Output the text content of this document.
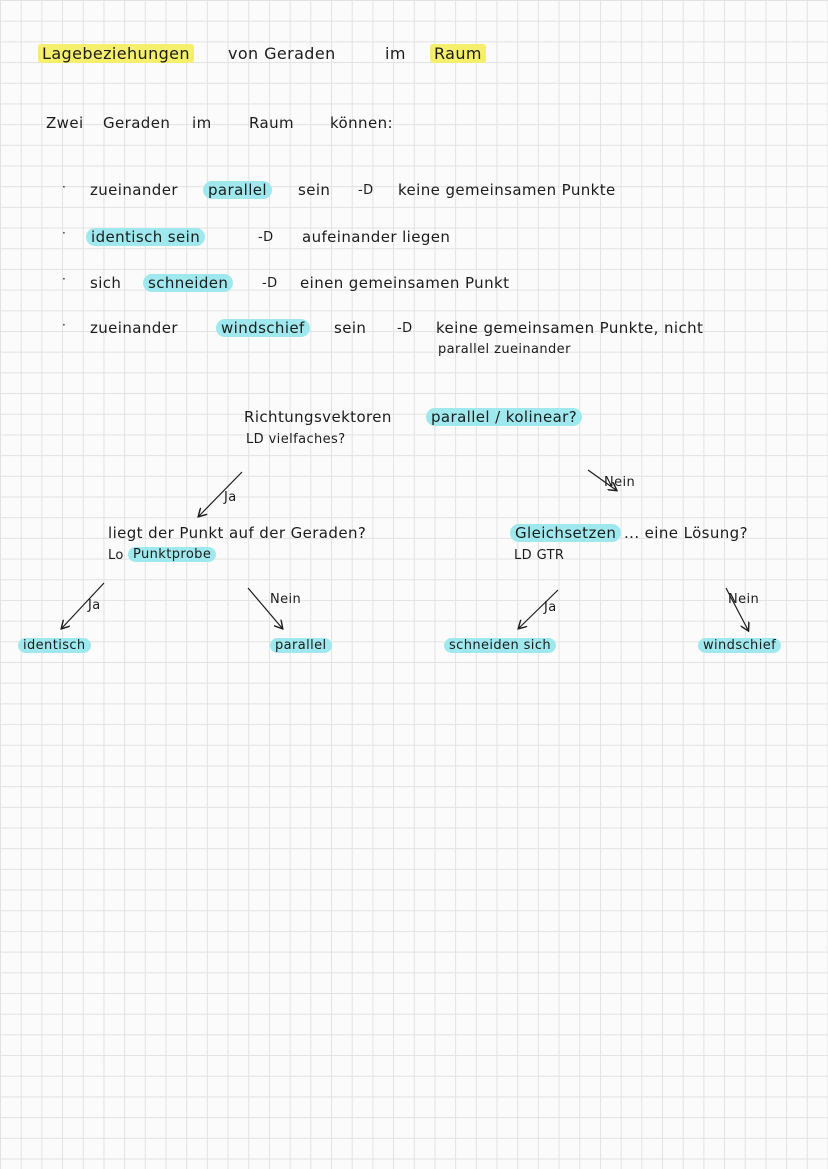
Lagebeziehungen von Geraden	im Raum
Zwei Geraden im Raum können:
·
·
·
·
zueinander	parallel	sein -D keine gemeinsamen Punkte
identisch sein	-D aufeinander liegen
sich	schneiden	-D einen gemeinsamen Punkt
zueinander	windschief	sein -D keine gemeinsamen Punkte, nicht
parallel zueinander
Richtungsvektoren	parallel / kolinear?
LD vielfaches?
Ja
Nein
Ja	Nein
Ja
Nein
liegt der Punkt auf der Geraden?
Lo Punktprobe
Gleichsetzen ... eine Lösung?
LD GTR
identisch	parallel	schneiden sich	windschief
